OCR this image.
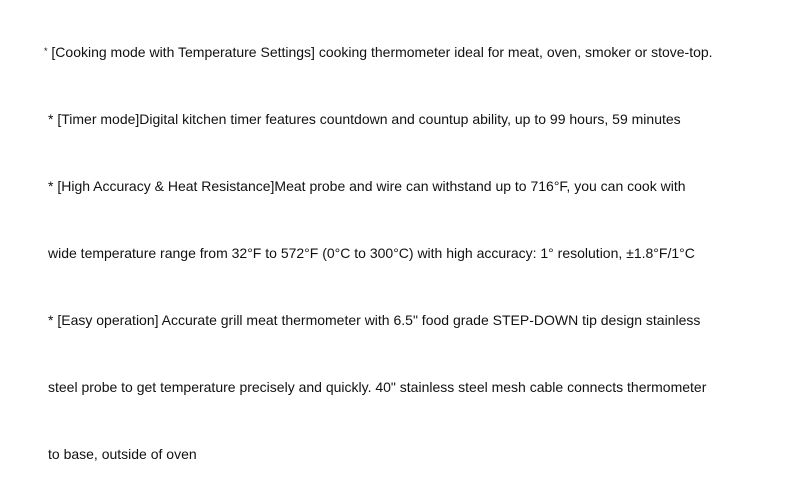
* [Cooking mode with Temperature Settings] cooking thermometer ideal for meat, oven, smoker or stove-top.
* [Timer mode]Digital kitchen timer features countdown and countup ability, up to 99 hours, 59 minutes
* [High Accuracy & Heat Resistance]Meat probe and wire can withstand up to 716°F, you can cook with
wide temperature range from 32°F to 572°F (0°C to 300°C) with high accuracy: 1° resolution, ±1.8°F/1°C
* [Easy operation] Accurate grill meat thermometer with 6.5" food grade STEP-DOWN tip design stainless
steel probe to get temperature precisely and quickly. 40" stainless steel mesh cable connects thermometer
to base, outside of oven
